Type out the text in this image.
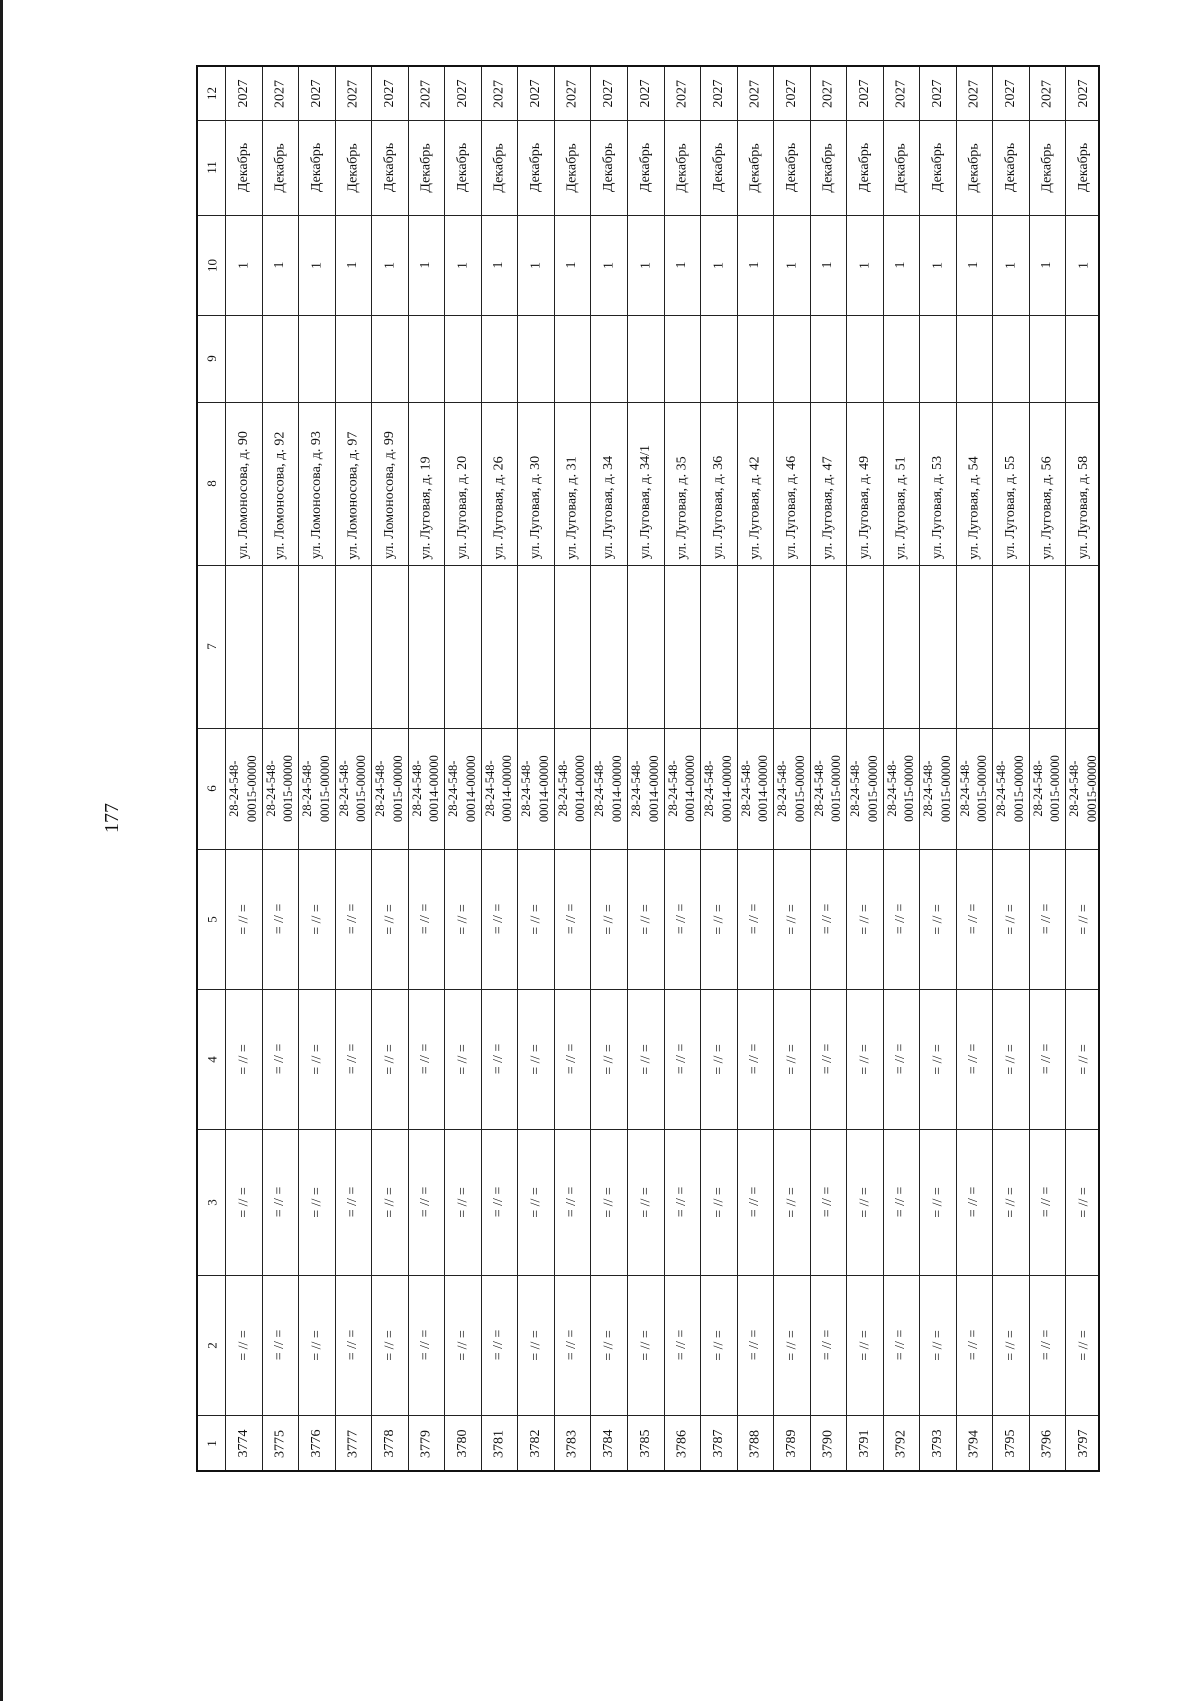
177
12
11
10
9
8
7
6
5
4
3
2
1
2027
Декабрь
1
ул. Ломоносова, д. 90
28-24-548- 00015-00000
= // =
= // =
= // =
= // =
3774
2027
Декабрь
1
ул. Ломоносова, д. 92
28-24-548- 00015-00000
= // =
= // =
= // =
= // =
3775
2027
Декабрь
1
ул. Ломоносова, д. 93
28-24-548- 00015-00000
= // =
= // =
= // =
= // =
3776
2027
Декабрь
1
ул. Ломоносова, д. 97
28-24-548- 00015-00000
= // =
= // =
= // =
= // =
3777
2027
Декабрь
1
ул. Ломоносова, д. 99
28-24-548- 00015-00000
= // =
= // =
= // =
= // =
3778
2027
Декабрь
1
ул. Луговая, д. 19
28-24-548- 00014-00000
= // =
= // =
= // =
= // =
3779
2027
Декабрь
1
ул. Луговая, д. 20
28-24-548- 00014-00000
= // =
= // =
= // =
= // =
3780
2027
Декабрь
1
ул. Луговая, д. 26
28-24-548- 00014-00000
= // =
= // =
= // =
= // =
3781
2027
Декабрь
1
ул. Луговая, д. 30
28-24-548- 00014-00000
= // =
= // =
= // =
= // =
3782
2027
Декабрь
1
ул. Луговая, д. 31
28-24-548- 00014-00000
= // =
= // =
= // =
= // =
3783
2027
Декабрь
1
ул. Луговая, д. 34
28-24-548- 00014-00000
= // =
= // =
= // =
= // =
3784
2027
Декабрь
1
ул. Луговая, д. 34/1
28-24-548- 00014-00000
= // =
= // =
= // =
= // =
3785
2027
Декабрь
1
ул. Луговая, д. 35
28-24-548- 00014-00000
= // =
= // =
= // =
= // =
3786
2027
Декабрь
1
ул. Луговая, д. 36
28-24-548- 00014-00000
= // =
= // =
= // =
= // =
3787
2027
Декабрь
1
ул. Луговая, д. 42
28-24-548- 00014-00000
= // =
= // =
= // =
= // =
3788
2027
Декабрь
1
ул. Луговая, д. 46
28-24-548- 00015-00000
= // =
= // =
= // =
= // =
3789
2027
Декабрь
1
ул. Луговая, д. 47
28-24-548- 00015-00000
= // =
= // =
= // =
= // =
3790
2027
Декабрь
1
ул. Луговая, д. 49
28-24-548- 00015-00000
= // =
= // =
= // =
= // =
3791
2027
Декабрь
1
ул. Луговая, д. 51
28-24-548- 00015-00000
= // =
= // =
= // =
= // =
3792
2027
Декабрь
1
ул. Луговая, д. 53
28-24-548- 00015-00000
= // =
= // =
= // =
= // =
3793
2027
Декабрь
1
ул. Луговая, д. 54
28-24-548- 00015-00000
= // =
= // =
= // =
= // =
3794
2027
Декабрь
1
ул. Луговая, д. 55
28-24-548- 00015-00000
= // =
= // =
= // =
= // =
3795
2027
Декабрь
1
ул. Луговая, д. 56
28-24-548- 00015-00000
= // =
= // =
= // =
= // =
3796
2027
Декабрь
1
ул. Луговая, д. 58
28-24-548- 00015-00000
= // =
= // =
= // =
= // =
3797
